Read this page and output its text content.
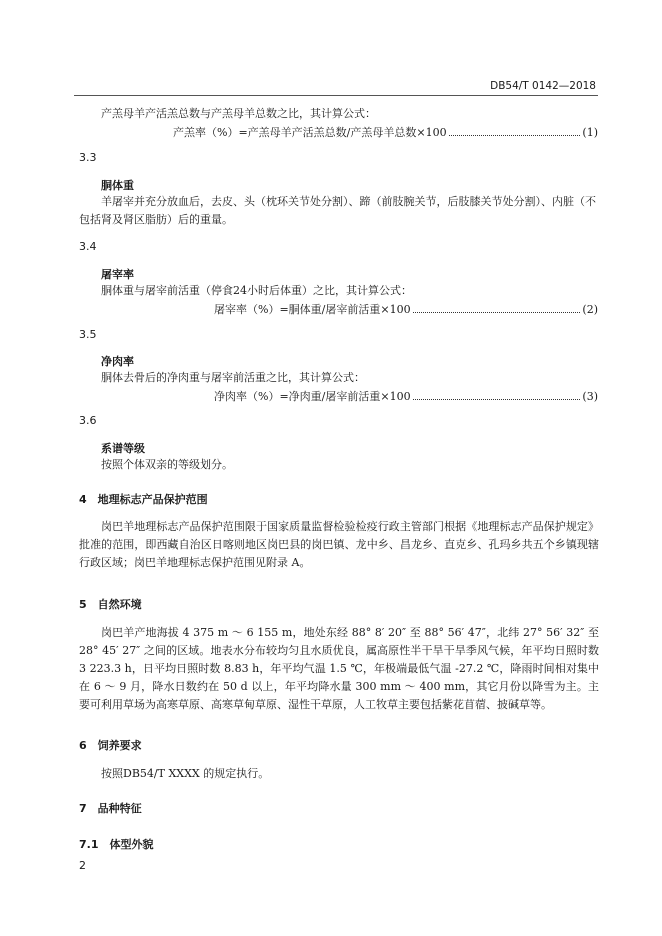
DB54/T 0142—2018
产羔母羊产活羔总数与产羔母羊总数之比，其计算公式：
产羔率（%）=产羔母羊产活羔总数/产羔母羊总数×100	(1)
3.3
胴体重
羊屠宰并充分放血后，去皮、头（枕环关节处分割）、蹄（前肢腕关节，后肢膝关节处分割）、内脏（不包括肾及肾区脂肪）后的重量。
3.4
屠宰率
胴体重与屠宰前活重（停食24小时后体重）之比，其计算公式：
屠宰率（%）=胴体重/屠宰前活重×100	(2)
3.5
净肉率
胴体去骨后的净肉重与屠宰前活重之比，其计算公式：
净肉率（%）=净肉重/屠宰前活重×100	(3)
3.6
系谱等级
按照个体双亲的等级划分。
4　地理标志产品保护范围
岗巴羊地理标志产品保护范围限于国家质量监督检验检疫行政主管部门根据《地理标志产品保护规定》批准的范围，即西藏自治区日喀则地区岗巴县的岗巴镇、龙中乡、昌龙乡、直克乡、孔玛乡共五个乡镇现辖行政区域；岗巴羊地理标志保护范围见附录 A。
5　自然环境
岗巴羊产地海拔 4 375 m ～ 6 155 m，地处东经 88° 8′ 20″ 至 88° 56′ 47″，北纬 27° 56′ 32″ 至 28° 45′ 27″ 之间的区域。地表水分布较均匀且水质优良，属高原性半干旱干旱季风气候，年平均日照时数 3 223.3 h，日平均日照时数 8.83 h，年平均气温 1.5 ℃，年极端最低气温 -27.2 ℃，降雨时间相对集中在 6 ～ 9 月，降水日数约在 50 d 以上，年平均降水量 300 mm ～ 400 mm，其它月份以降雪为主。主要可利用草场为高寒草原、高寒草甸草原、湿性干草原，人工牧草主要包括紫花苜蓿、披碱草等。
6　饲养要求
按照DB54/T XXXX 的规定执行。
7　品种特征
7.1　体型外貌
2
